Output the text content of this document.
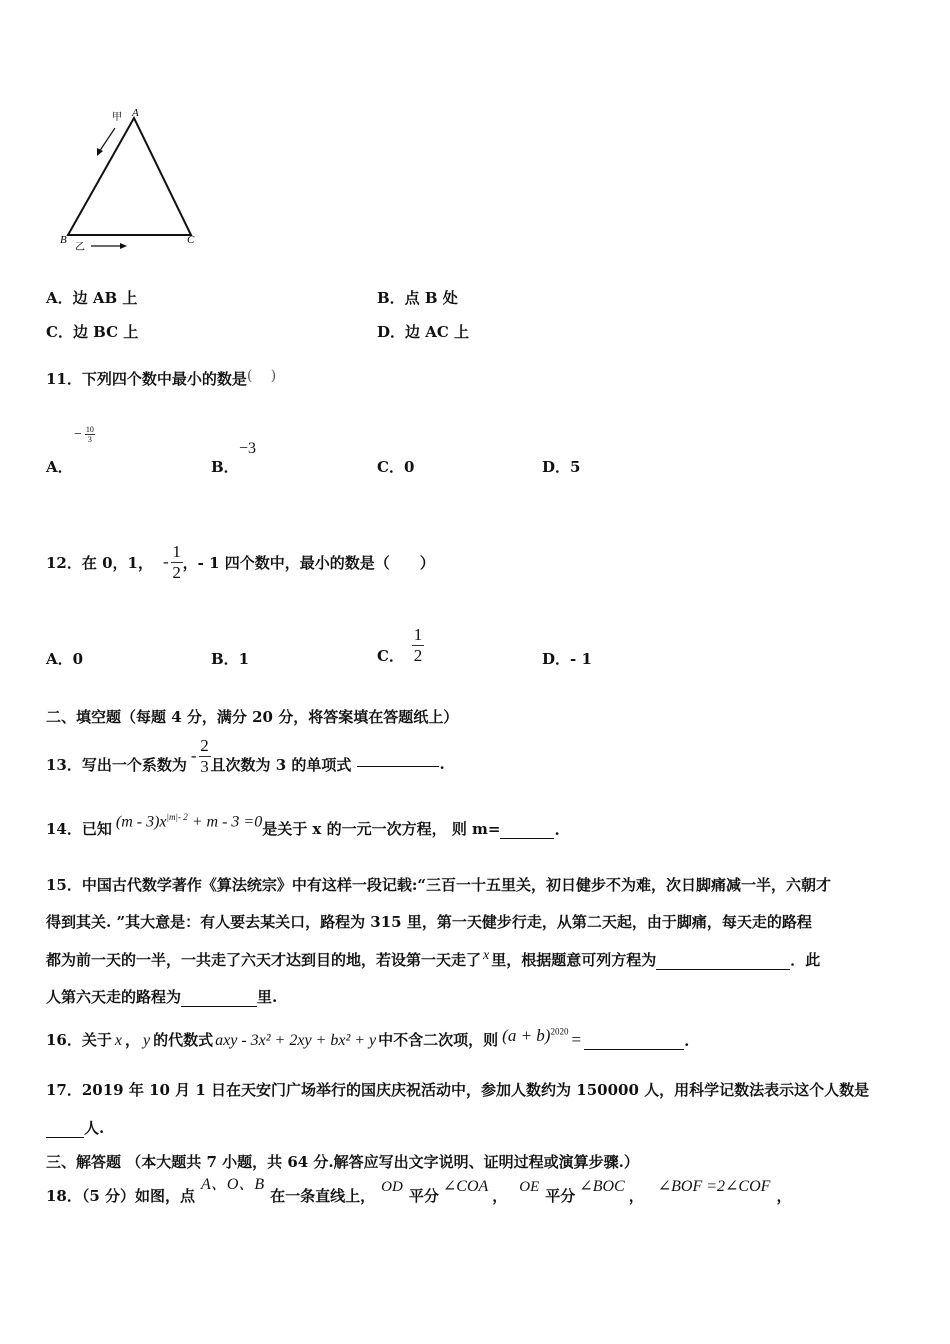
A
B	C
甲
乙
A．边 AB 上	B．点 B 处
C．边 BC 上	D．边 AC 上
11．下列四个数中最小的数是(　 )
A．
− 10
3
B．
−3
C．0	D．5
12．在 0，1， - $\frac{1}{2}$ ，- 1 四个数中，最小的数是（　　）
A．0	B．1	C． $\frac{1}{2}$	D．- 1
二、填空题（每题 4 分，满分 20 分，将答案填在答题纸上）
13．写出一个系数为 - $\frac{2}{3}$ 且次数为 3 的单项式	.
14．已知 $(m - 3)x^{|m|- 2} + m - 3 =0$ 是关于 x 的一元一次方程， 则 m=	.
15．中国古代数学著作《算法统宗》中有这样一段记载:“三百一十五里关，初日健步不为难，次日脚痛减一半，六朝才
得到其关. ”其大意是：有人要去某关口，路程为 315 里，第一天健步行走，从第二天起，由于脚痛，每天走的路程
都为前一天的一半，一共走了六天才达到目的地，若设第一天走了 x 里，根据题意可列方程为	．此
人第六天走的路程为	里.
16．关于 x ， y 的代数式 axy - 3x² + 2xy + bx² + y 中不含二次项，则 $(a + b)^{2020}$ =	.
17．2019 年 10 月 1 日在天安门广场举行的国庆庆祝活动中，参加人数约为 150000 人，用科学记数法表示这个人数是
人.
三、解答题 （本大题共 7 小题，共 64 分.解答应写出文字说明、证明过程或演算步骤.）
18．（5 分）如图，点
A、O、B
在一条直线上， OD 平分
∠COA
， OE 平分
∠BOC
，
∠BOF =2∠COF
，
